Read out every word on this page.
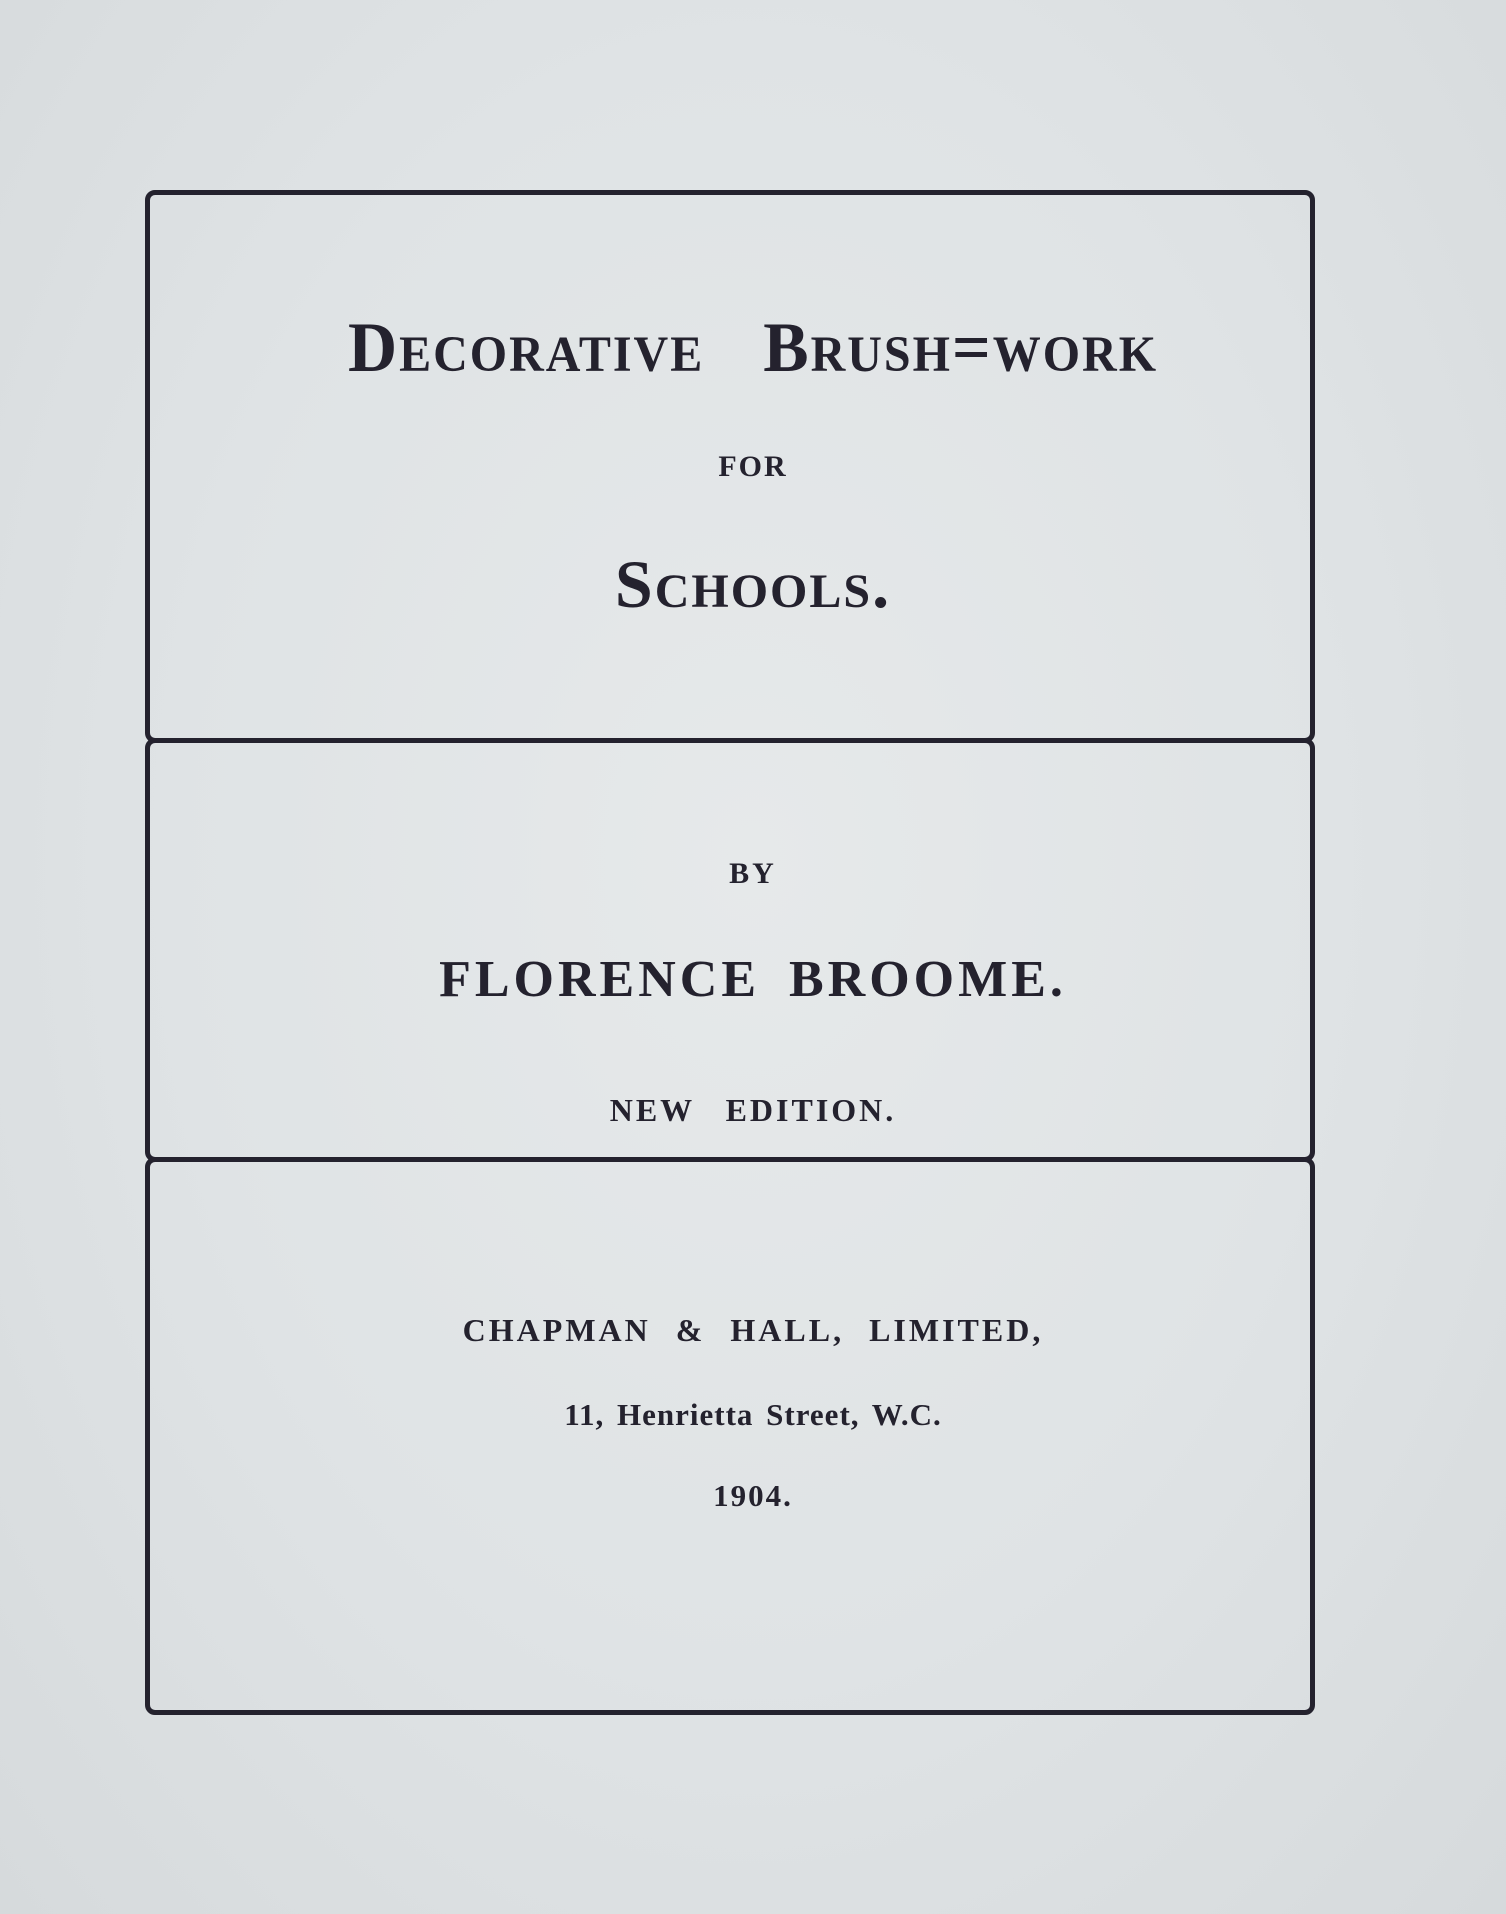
Decorative Brush=work
FOR
Schools.
BY
FLORENCE BROOME.
NEW EDITION.
CHAPMAN & HALL, LIMITED,
11, Henrietta Street, W.C.
1904.
